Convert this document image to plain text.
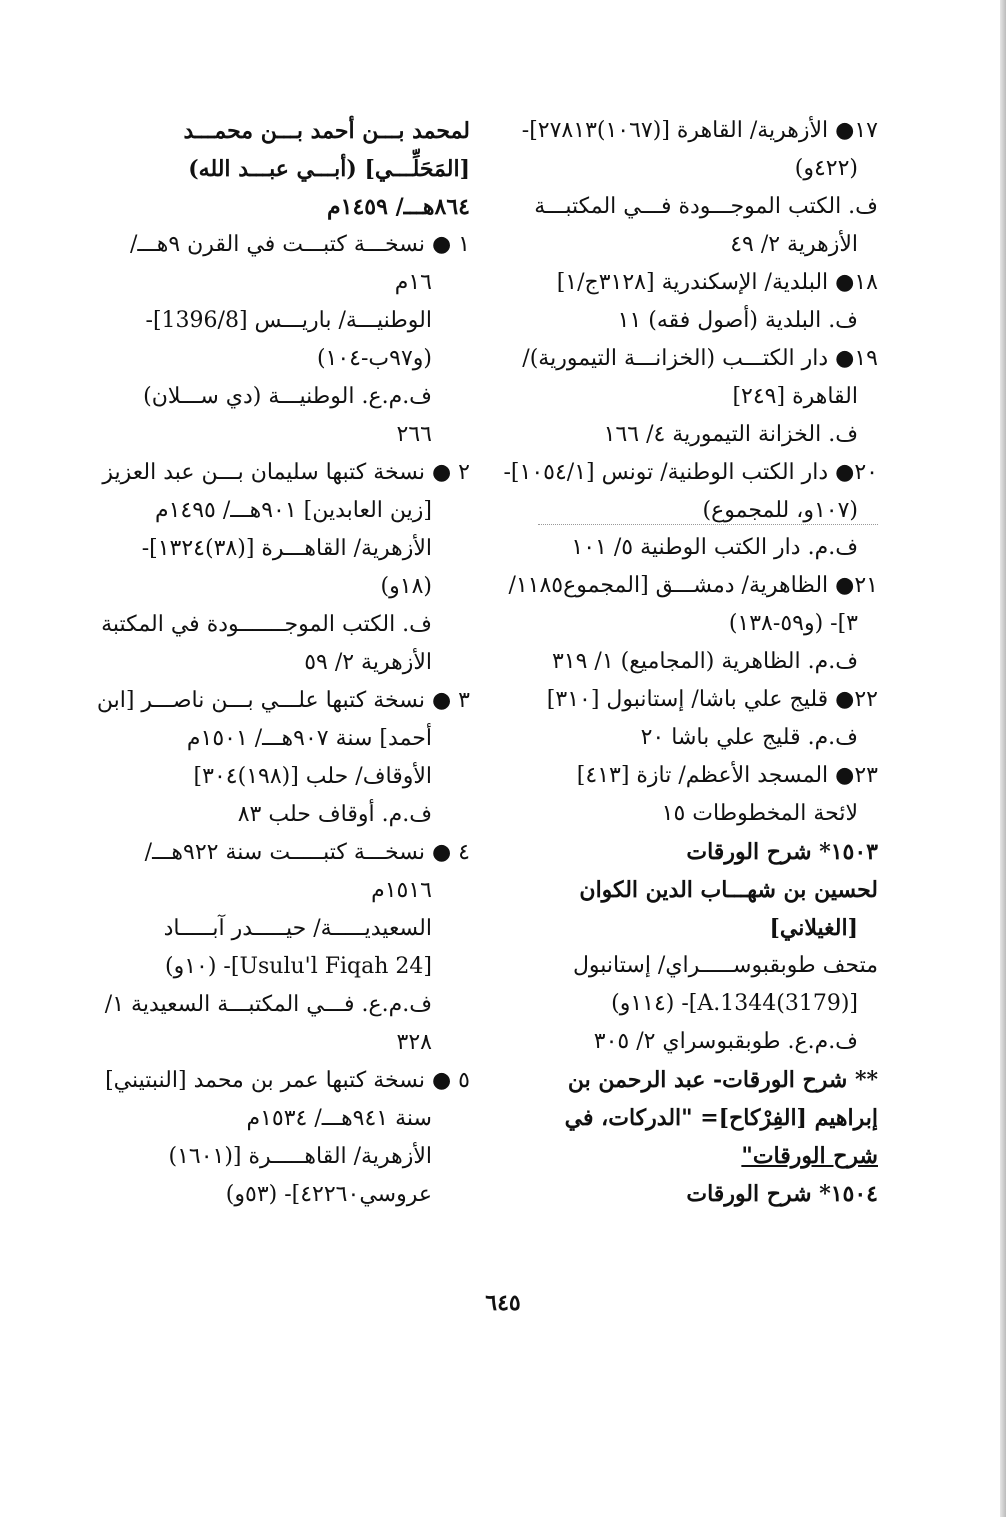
١٧● الأزهرية/ القاهرة [(١٠٦٧)٢٧٨١٣]-
(٤٢٢و)
ف. الكتب الموجـــودة فـــي المكتبـــة
الأزهرية ٢/ ٤٩
١٨● البلدية/ الإسكندرية [٣١٢٨ج/١]
ف. البلدية (أصول فقه) ١١
١٩● دار الكتـــب (الخزانـــة التيمورية)/
القاهرة [٢٤٩]
ف. الخزانة التيمورية ٤/ ١٦٦
٢٠● دار الكتب الوطنية/ تونس [١٠٥٤/١]-
(١٠٧و، للمجموع)
ف.م. دار الكتب الوطنية ٥/ ١٠١
٢١● الظاهرية/ دمشـــق [المجموع١١٨٥/
٣]- (و٥٩-١٣٨)
ف.م. الظاهرية (المجاميع) ١/ ٣١٩
٢٢● قليج علي باشا/ إستانبول [٣١٠]
ف.م. قليج علي باشا ٢٠
٢٣● المسجد الأعظم/ تازة [٤١٣]
لائحة المخطوطات ١٥
١٥٠٣* شرح الورقات
لحسين بن شهـــاب الدين الكوان
[الغيلاني]
متحف طوبقبوســـــراي/ إستانبول
[A.1344(3179)]- (١١٤و)
ف.م.ع. طوبقبوسراي ٢/ ٣٠٥
** شرح الورقات- عبد الرحمن بن
إبراهيم [الفِرْكاح]= "الدركات، في
شرح الورقات"
١٥٠٤* شرح الورقات
لمحمد بـــن أحمد بـــن محمـــد
[المَحَلِّـــي] (أبـــي عبـــد الله)
٨٦٤هـــ/ ١٤٥٩م
١ ● نسخـــة كتبـــت في القرن ٩هـــ/
١٦م
الوطنيـــة/ باريـــس [1396/8]-
(و٩٧ب-١٠٤)
ف.م.ع. الوطنيـــة (دي ســـلان)
٢٦٦
٢ ● نسخة كتبها سليمان بـــن عبد العزيز
[زين العابدين] ٩٠١هـــ/ ١٤٩٥م
الأزهرية/ القاهـــرة [(٣٨)١٣٢٤]-
(١٨و)
ف. الكتب الموجـــــــودة في المكتبة
الأزهرية ٢/ ٥٩
٣ ● نسخة كتبها علـــي بـــن ناصـــر [ابن
أحمد] سنة ٩٠٧هـــ/ ١٥٠١م
الأوقاف/ حلب [(١٩٨)٣٠٤]
ف.م. أوقاف حلب ٨٣
٤ ● نسخـــة كتبـــــت سنة ٩٢٢هـــ/
١٥١٦م
السعيديـــــة/ حيـــــدر آبـــــاد
[Usulu'l Fiqah 24]- (١٠و)
ف.م.ع. فـــي المكتبـــة السعيدية ١/
٣٢٨
٥ ● نسخة كتبها عمر بن محمد [النبتيني]
سنة ٩٤١هـــ/ ١٥٣٤م
الأزهرية/ القاهـــــرة [(١٦٠١)
عروسي٤٢٢٦٠]- (٥٣و)
٦٤٥
